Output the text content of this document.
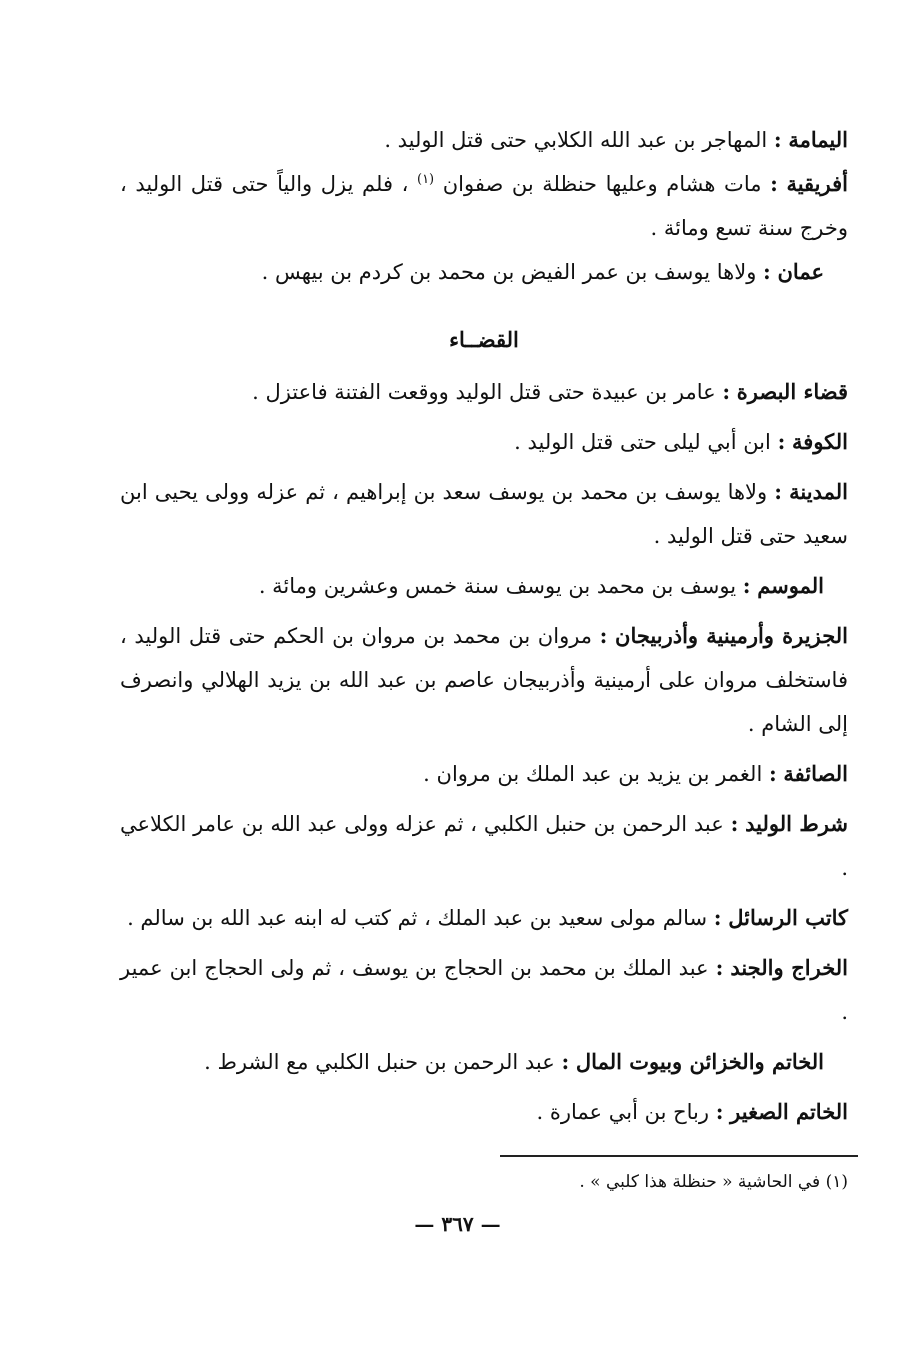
اليمامة : المهاجر بن عبد الله الكلابي حتى قتل الوليد .

أفريقية : مات هشام وعليها حنظلة بن صفوان $^{(١)}$ ، فلم يزل والياً حتى قتل الوليد ، وخرج سنة تسع ومائة .

عمان : ولاها يوسف بن عمر الفيض بن محمد بن كردم بن بيهس .

القضــاء

قضاء البصرة : عامر بن عبيدة حتى قتل الوليد ووقعت الفتنة فاعتزل .

الكوفة : ابن أبي ليلى حتى قتل الوليد .

المدينة : ولاها يوسف بن محمد بن يوسف سعد بن إبراهيم ، ثم عزله وولى يحيى ابن سعيد حتى قتل الوليد .

الموسم : يوسف بن محمد بن يوسف سنة خمس وعشرين ومائة .

الجزيرة وأرمينية وأذربيجان : مروان بن محمد بن مروان بن الحكم حتى قتل الوليد ، فاستخلف مروان على أرمينية وأذربيجان عاصم بن عبد الله بن يزيد الهلالي وانصرف إلى الشام .

الصائفة : الغمر بن يزيد بن عبد الملك بن مروان .

شرط الوليد : عبد الرحمن بن حنبل الكلبي ، ثم عزله وولى عبد الله بن عامر الكلاعي .

كاتب الرسائل : سالم مولى سعيد بن عبد الملك ، ثم كتب له ابنه عبد الله بن سالم .

الخراج والجند : عبد الملك بن محمد بن الحجاج بن يوسف ، ثم ولى الحجاج ابن عمير .

الخاتم والخزائن وبيوت المال : عبد الرحمن بن حنبل الكلبي مع الشرط .

الخاتم الصغير : رباح بن أبي عمارة .

(١) في الحاشية « حنظلة هذا كلبي » .
— ٣٦٧ —
